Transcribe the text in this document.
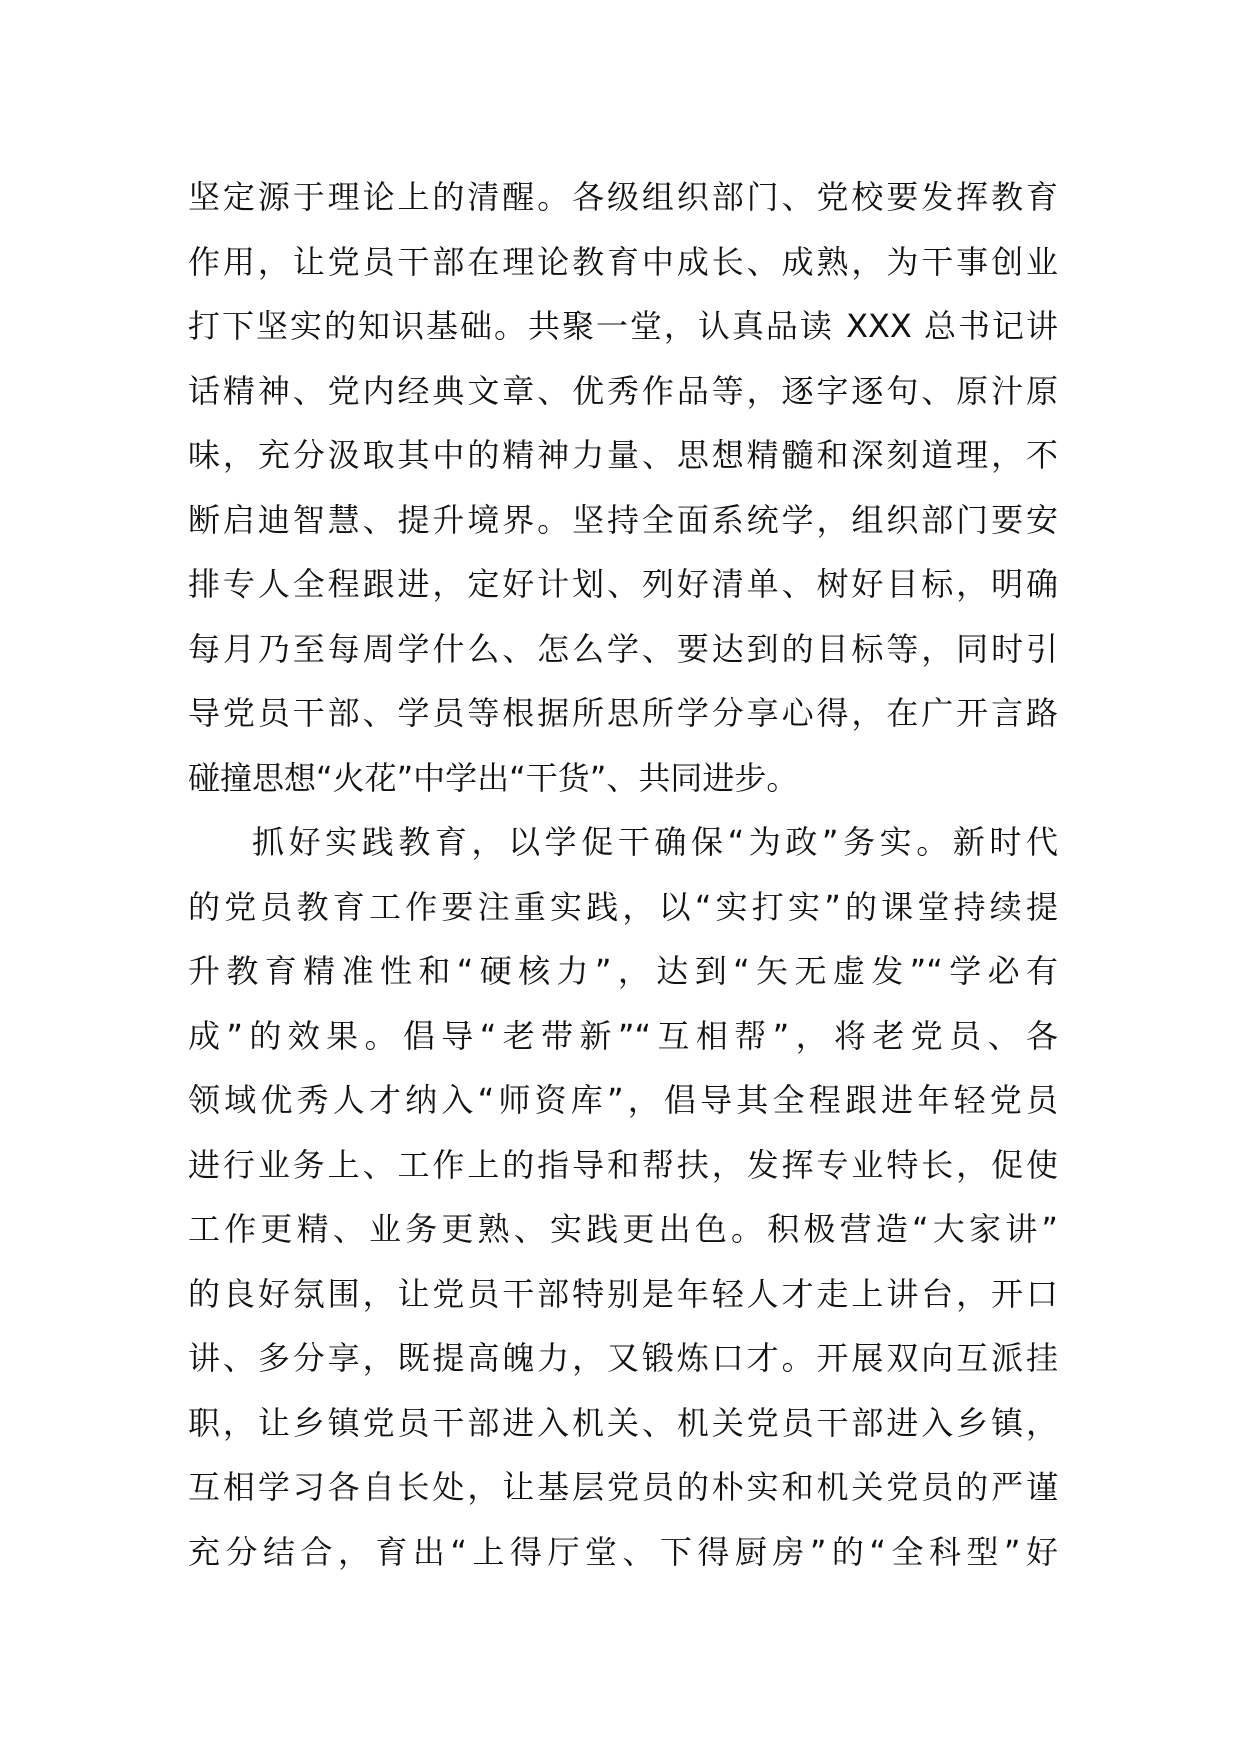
坚定源于理论上的清醒。各级组织部门、党校要发挥教育
作用，让党员干部在理论教育中成长、成熟，为干事创业
打下坚实的知识基础。共聚一堂，认真品读 XXX 总书记讲
话精神、党内经典文章、优秀作品等，逐字逐句、原汁原
味，充分汲取其中的精神力量、思想精髓和深刻道理，不
断启迪智慧、提升境界。坚持全面系统学，组织部门要安
排专人全程跟进，定好计划、列好清单、树好目标，明确
每月乃至每周学什么、怎么学、要达到的目标等，同时引
导党员干部、学员等根据所思所学分享心得，在广开言路
碰撞思想“火花”中学出“干货”、共同进步。
抓好实践教育，以学促干确保“为政”务实。新时代
的党员教育工作要注重实践，以“实打实”的课堂持续提
升教育精准性和“硬核力”，达到“矢无虚发”“学必有
成”的效果。倡导“老带新”“互相帮”，将老党员、各
领域优秀人才纳入“师资库”，倡导其全程跟进年轻党员
进行业务上、工作上的指导和帮扶，发挥专业特长，促使
工作更精、业务更熟、实践更出色。积极营造“大家讲”
的良好氛围，让党员干部特别是年轻人才走上讲台，开口
讲、多分享，既提高魄力，又锻炼口才。开展双向互派挂
职，让乡镇党员干部进入机关、机关党员干部进入乡镇，
互相学习各自长处，让基层党员的朴实和机关党员的严谨
充分结合，育出“上得厅堂、下得厨房”的“全科型”好
